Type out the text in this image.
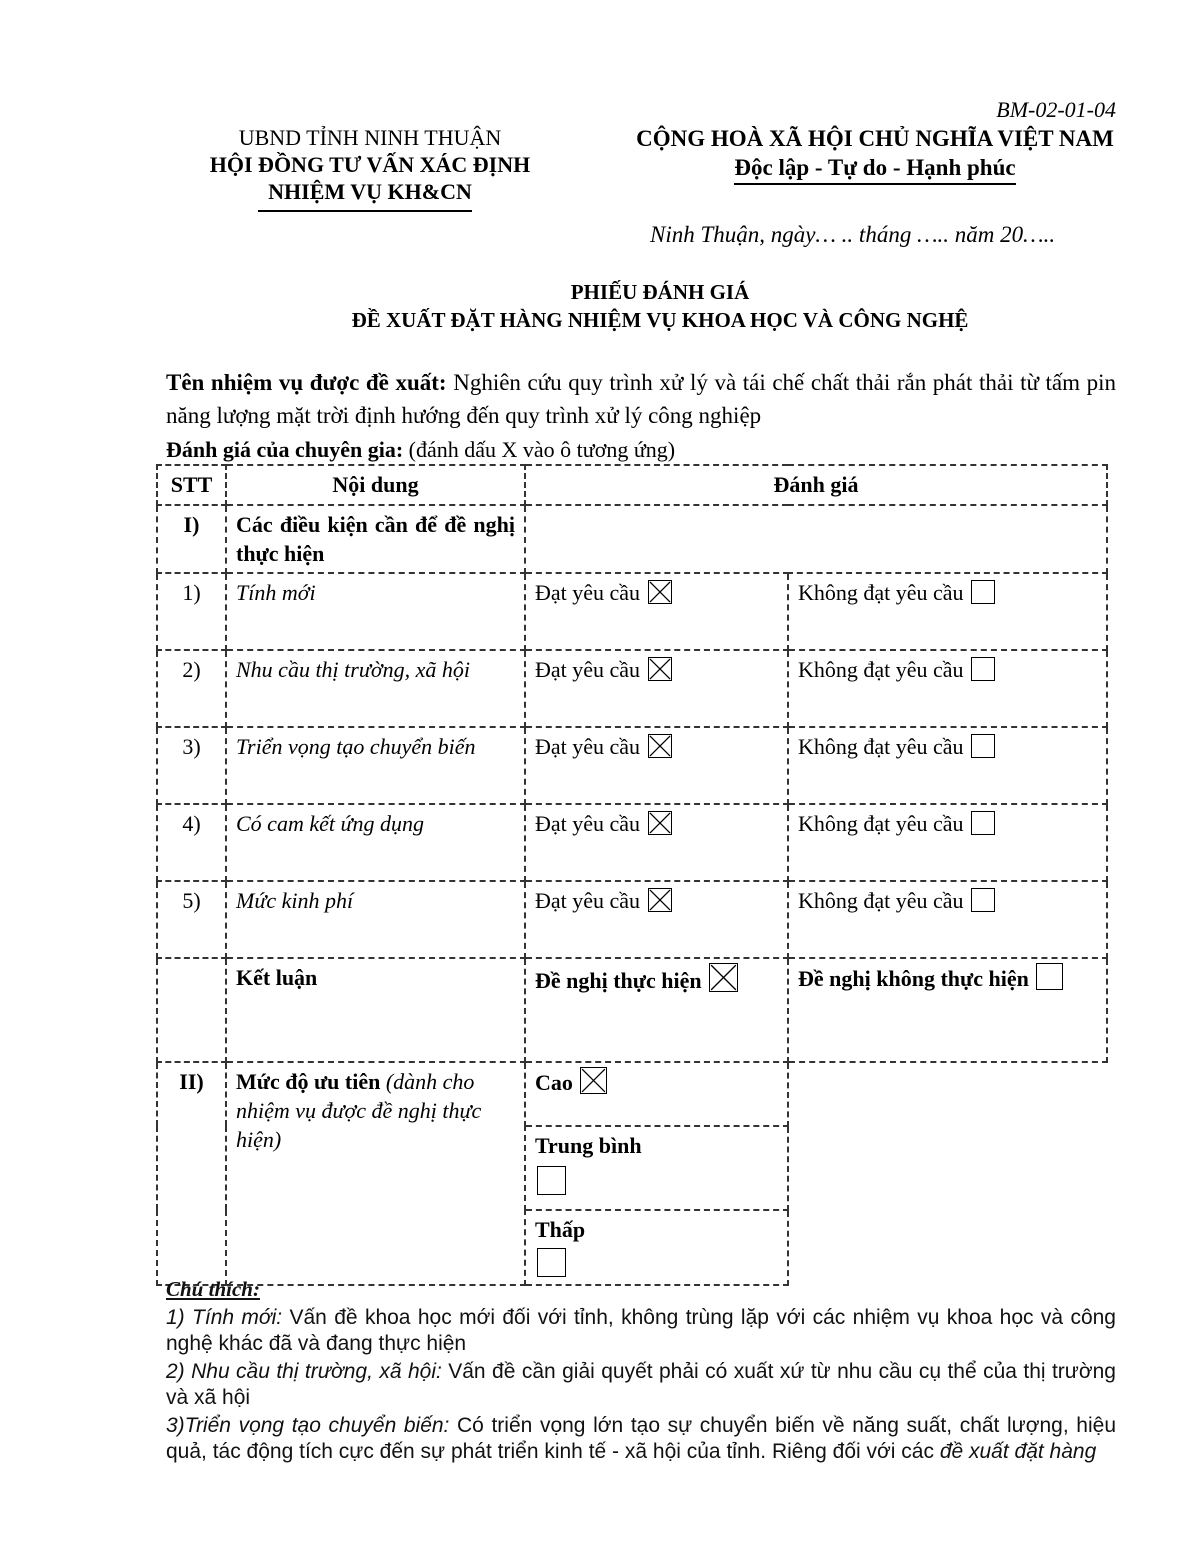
BM-02-01-04
UBND TỈNH NINH THUẬN
HỘI ĐỒNG TƯ VẤN XÁC ĐỊNH
NHIỆM VỤ KH&CN
CỘNG HOÀ XÃ HỘI CHỦ NGHĨA VIỆT NAM
Độc lập - Tự do - Hạnh phúc
Ninh Thuận, ngày… .. tháng ….. năm 20…..
PHIẾU ĐÁNH GIÁ
ĐỀ XUẤT ĐẶT HÀNG NHIỆM VỤ KHOA HỌC VÀ CÔNG NGHỆ
Tên nhiệm vụ được đề xuất: Nghiên cứu quy trình xử lý và tái chế chất thải rắn phát thải từ tấm pin năng lượng mặt trời định hướng đến quy trình xử lý công nghiệp
Đánh giá của chuyên gia: (đánh dấu X vào ô tương ứng)
STT	Nội dung	Đánh giá	
I)	Các điều kiện cần để đề nghị thực hiện		
1)	Tính mới	Đạt yêu cầu	Không đạt yêu cầu
2)	Nhu cầu thị trường, xã hội	Đạt yêu cầu	Không đạt yêu cầu
3)	Triển vọng tạo chuyển biến	Đạt yêu cầu	Không đạt yêu cầu
4)	Có cam kết ứng dụng	Đạt yêu cầu	Không đạt yêu cầu
5)	Mức kinh phí	Đạt yêu cầu	Không đạt yêu cầu
	Kết luận	Đề nghị thực hiện	Đề nghị không thực hiện
II)	Mức độ ưu tiên (dành cho nhiệm vụ được đề nghị thực hiện)	Cao

		Trung bình	

		Thấp	

Chú thích:

1) Tính mới: Vấn đề khoa học mới đối với tỉnh, không trùng lặp với các nhiệm vụ khoa học và công nghệ khác đã và đang thực hiện

2) Nhu cầu thị trường, xã hội: Vấn đề cần giải quyết phải có xuất xứ từ nhu cầu cụ thể của thị trường và xã hội

3)Triển vọng tạo chuyển biến: Có triển vọng lớn tạo sự chuyển biến về năng suất, chất lượng, hiệu quả, tác động tích cực đến sự phát triển kinh tế - xã hội của tỉnh. Riêng đối với các đề xuất đặt hàng
